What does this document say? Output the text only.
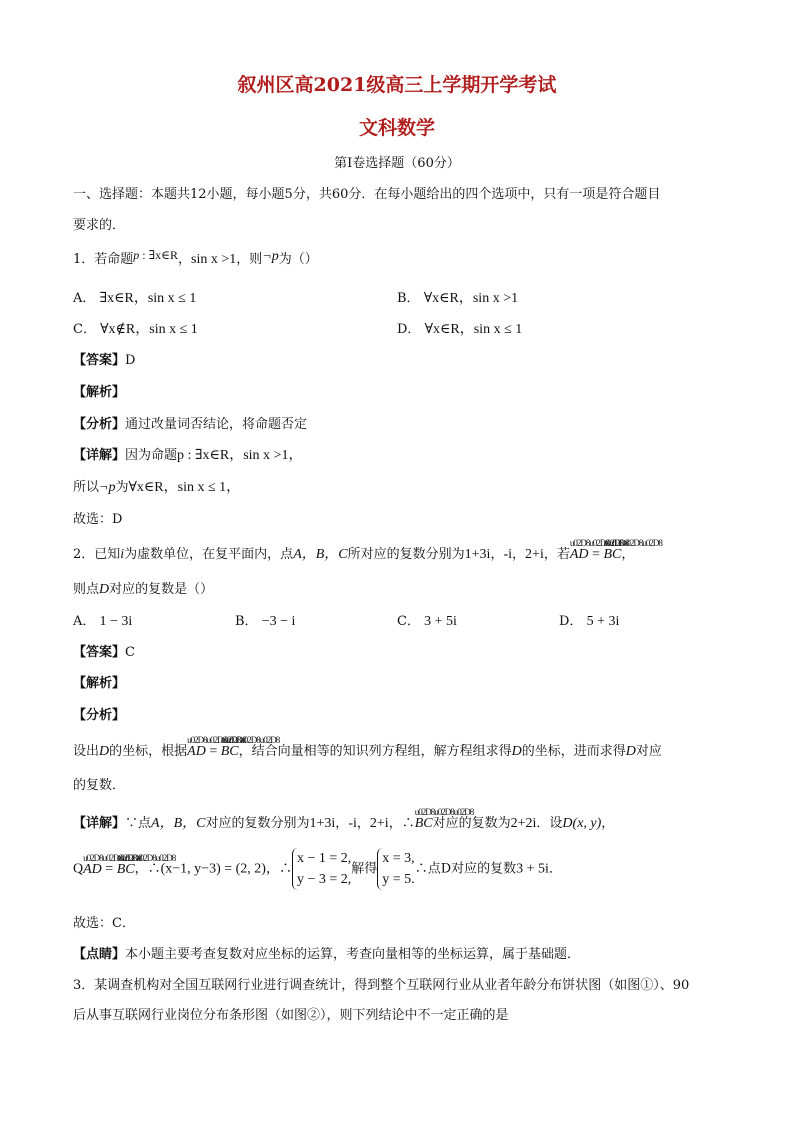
叙州区高2021级高三上学期开学考试
文科数学
第I卷选择题（60分）
一、选择题：本题共12小题，每小题5分，共60分．在每小题给出的四个选项中，只有一项是符合题目
要求的．
1．若命题p : ∃x∈R，sin x >1，则¬p为（）
A． ∃x∈R，sin x ≤ 1	B． ∀x∈R，sin x >1
C． ∀x∉R，sin x ≤ 1	D． ∀x∈R，sin x ≤ 1
【答案】D
【解析】
【分析】通过改量词否结论，将命题否定
【详解】因为命题p : ∃x∈R，sin x >1，
所以¬p为∀x∈R，sin x ≤ 1，
故选：D
2．已知i为虚数单位，在复平面内，点A，B，C所对应的复数分别为1+3i，-i，2+i，若u02D8u02D8u02D8 AD = u02D8u02D8u02D8 BC，
则点D对应的复数是（）
A． 1 − 3i	B． −3 − i	C． 3 + 5i	D． 5 + 3i
【答案】C
【解析】
【分析】
设出D的坐标，根据u02D8u02D8u02D8 AD = u02D8u02D8u02D8 BC，结合向量相等的知识列方程组，解方程组求得D的坐标，进而求得D对应
的复数．
【详解】∵点A，B，C对应的复数分别为1+3i，-i，2+i，∴u02D8u02D8u02D8 BC对应的复数为2+2i．设D(x, y)，
Qu02D8u02D8u02D8 AD = u02D8u02D8u02D8 BC，∴(x−1, y−3) = (2, 2)，∴
x − 1 = 2,
y − 3 = 2,
解得
x = 3,
y = 5.
∴点D对应的复数3 + 5i．
故选：C．
【点睛】本小题主要考查复数对应坐标的运算，考查向量相等的坐标运算，属于基础题．
3．某调查机构对全国互联网行业进行调查统计，得到整个互联网行业从业者年龄分布饼状图（如图①）、90
后从事互联网行业岗位分布条形图（如图②），则下列结论中不一定正确的是
